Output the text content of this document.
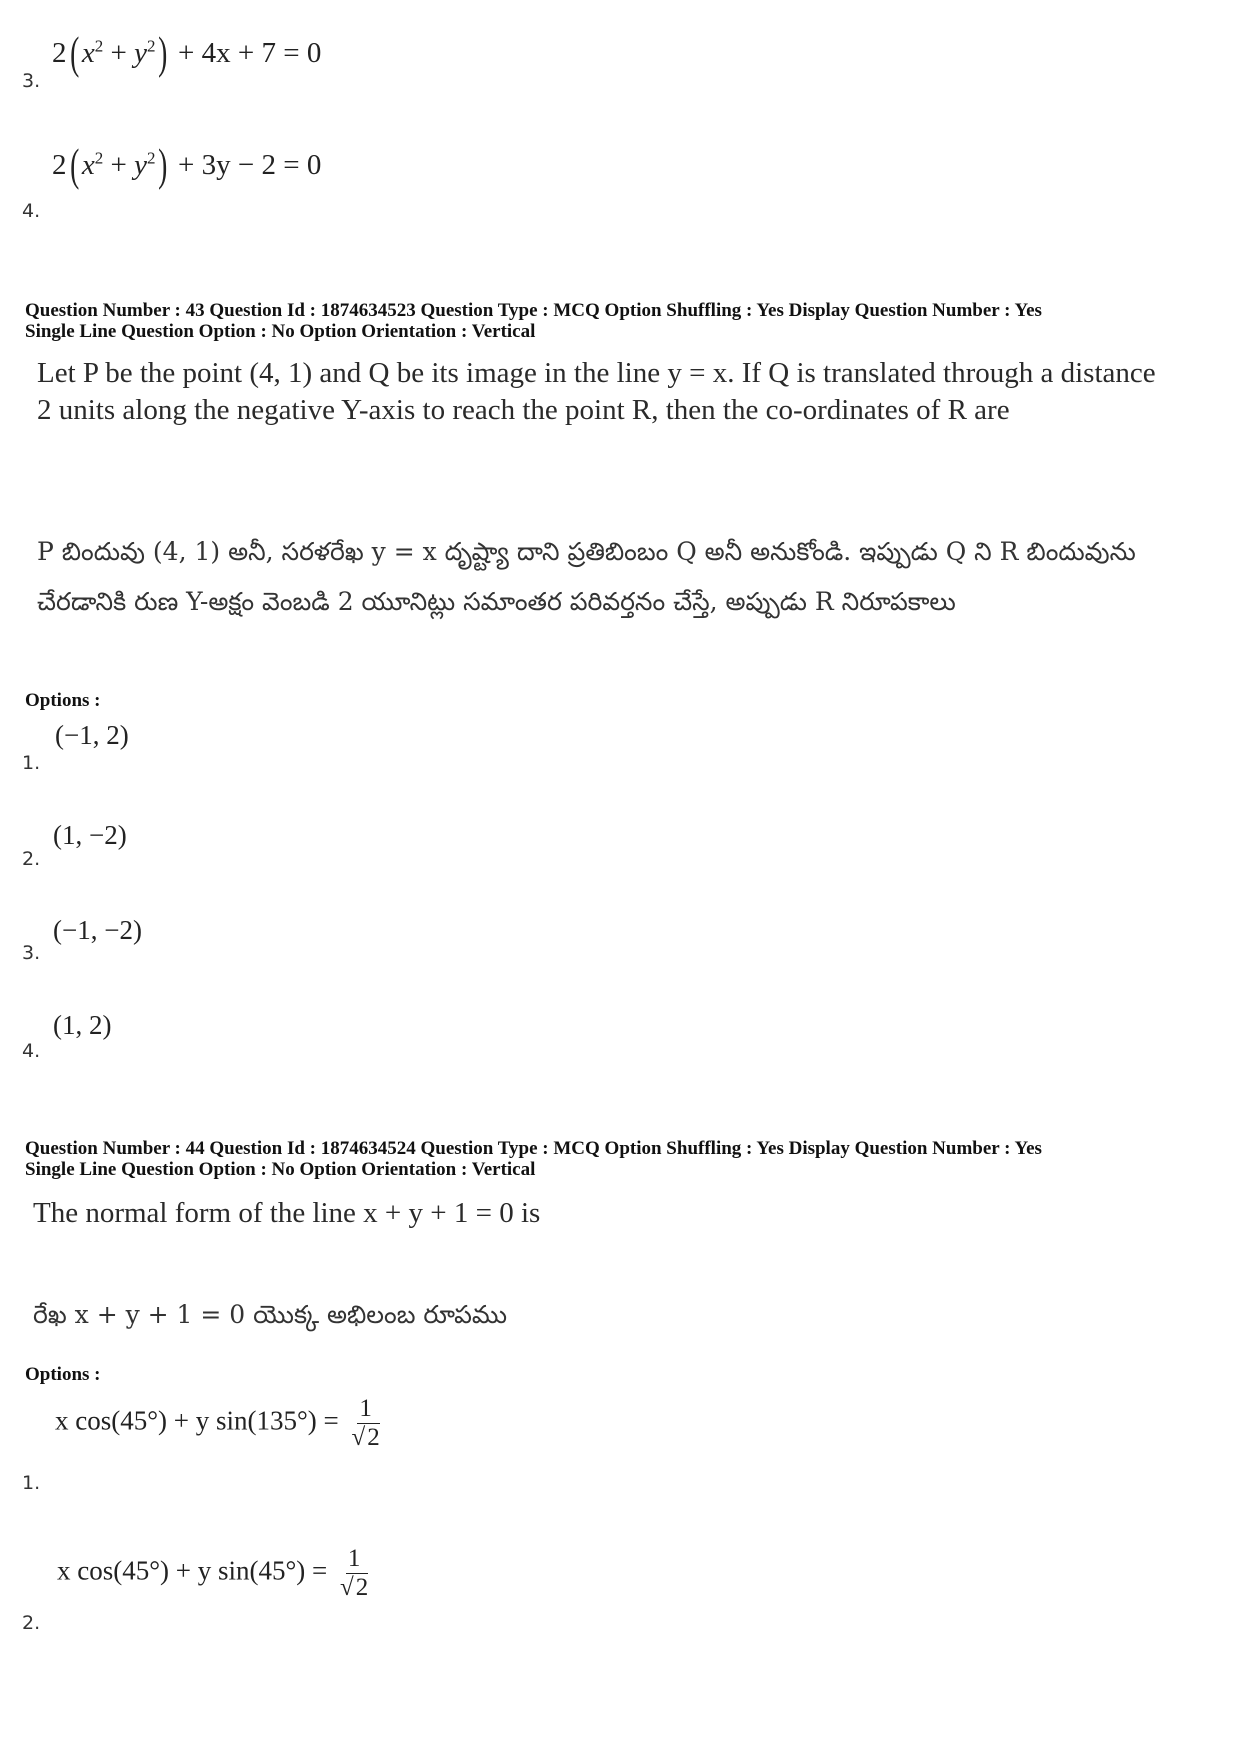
2( $x^2 + y^2) + 4x + 7 = 0$
3.
2( $x^2 + y^2) + 3y - 2 = 0$
4.
Question Number : 43 Question Id : 1874634523 Question Type : MCQ Option Shuffling : Yes Display Question Number : Yes
Single Line Question Option : No Option Orientation : Vertical
Let P be the point (4, 1) and Q be its image in the line y = x. If Q is translated through a distance 2 units along the negative Y-axis to reach the point R, then the co-ordinates of R are
P బిందువు (4, 1) అనీ, సరళరేఖ y = x దృష్ట్యా దాని ప్రతిబింబం Q అనీ అనుకోండి. ఇప్పుడు Q ని R బిందువును చేరడానికి రుణ Y-అక్షం వెంబడి 2 యూనిట్లు సమాంతర పరివర్తనం చేస్తే, అప్పుడు R నిరూపకాలు
Options :
(−1, 2)
1.
(1, −2)
2.
(−1, −2)
3.
(1, 2)
4.
Question Number : 44 Question Id : 1874634524 Question Type : MCQ Option Shuffling : Yes Display Question Number : Yes
Single Line Question Option : No Option Orientation : Vertical
The normal form of the line x + y + 1 = 0 is
రేఖ x + y + 1 = 0 యొక్క అభిలంబ రూపము
Options :
x cos(45°) + y $\sin(135^\circ) = \frac{1}{√2}$
1.
x cos(45°) + y $\sin(45^\circ) = \frac{1}{√2}$
2.
